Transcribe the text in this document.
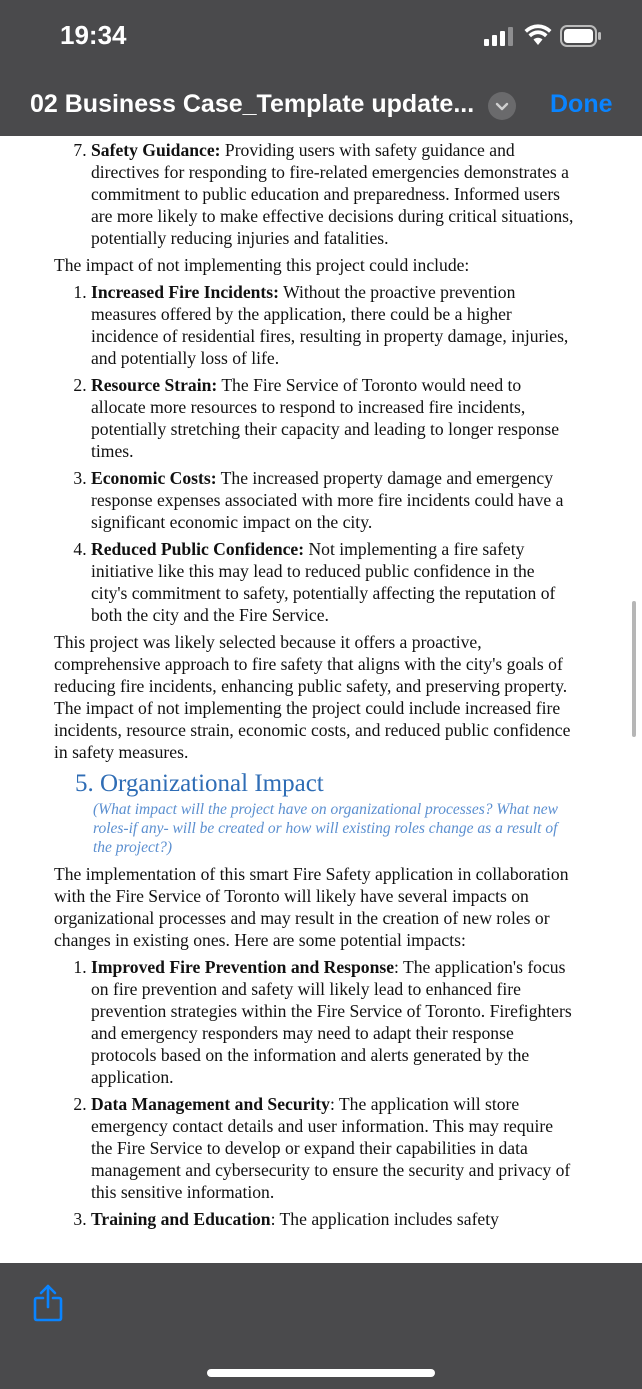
19:34
02 Business Case_Template update...	Done
7. Safety Guidance: Providing users with safety guidance and directives for responding to fire-related emergencies demonstrates a commitment to public education and preparedness. Informed users are more likely to make effective decisions during critical situations, potentially reducing injuries and fatalities.

The impact of not implementing this project could include:

1. Increased Fire Incidents: Without the proactive prevention measures offered by the application, there could be a higher incidence of residential fires, resulting in property damage, injuries, and potentially loss of life.
2. Resource Strain: The Fire Service of Toronto would need to allocate more resources to respond to increased fire incidents, potentially stretching their capacity and leading to longer response times.
3. Economic Costs: The increased property damage and emergency response expenses associated with more fire incidents could have a significant economic impact on the city.
4. Reduced Public Confidence: Not implementing a fire safety initiative like this may lead to reduced public confidence in the city's commitment to safety, potentially affecting the reputation of both the city and the Fire Service.

This project was likely selected because it offers a proactive, comprehensive approach to fire safety that aligns with the city's goals of reducing fire incidents, enhancing public safety, and preserving property. The impact of not implementing the project could include increased fire incidents, resource strain, economic costs, and reduced public confidence in safety measures.

5. Organizational Impact
(What impact will the project have on organizational processes? What new roles-if any- will be created or how will existing roles change as a result of the project?)

The implementation of this smart Fire Safety application in collaboration with the Fire Service of Toronto will likely have several impacts on organizational processes and may result in the creation of new roles or changes in existing ones. Here are some potential impacts:

1. Improved Fire Prevention and Response: The application's focus on fire prevention and safety will likely lead to enhanced fire prevention strategies within the Fire Service of Toronto. Firefighters and emergency responders may need to adapt their response protocols based on the information and alerts generated by the application.
2. Data Management and Security: The application will store emergency contact details and user information. This may require the Fire Service to develop or expand their capabilities in data management and cybersecurity to ensure the security and privacy of this sensitive information.
3. Training and Education: The application includes safety
